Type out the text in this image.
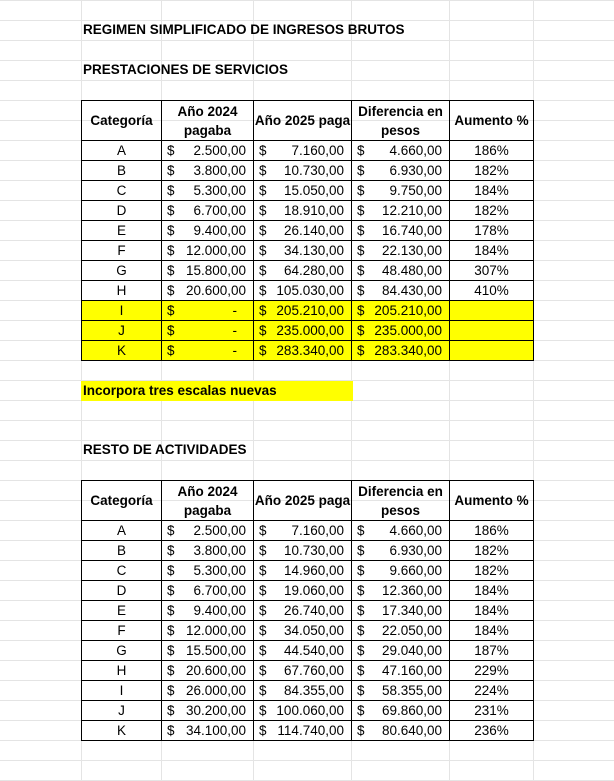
REGIMEN SIMPLIFICADO DE INGRESOS BRUTOS
PRESTACIONES DE SERVICIOS
Categoría	Año 2024 pagaba	Año 2025 paga	Diferencia en pesos	Aumento %
A	$ 2.500,00	$ 7.160,00	$ 4.660,00	186%
B	$ 3.800,00	$ 10.730,00	$ 6.930,00	182%
C	$ 5.300,00	$ 15.050,00	$ 9.750,00	184%
D	$ 6.700,00	$ 18.910,00	$ 12.210,00	182%
E	$ 9.400,00	$ 26.140,00	$ 16.740,00	178%
F	$ 12.000,00	$ 34.130,00	$ 22.130,00	184%
G	$ 15.800,00	$ 64.280,00	$ 48.480,00	307%
H	$ 20.600,00	$ 105.030,00	$ 84.430,00	410%
I	$ -	$ 205.210,00	$ 205.210,00	

J	$ -	$ 235.000,00	$ 235.000,00	

K	$ -	$ 283.340,00	$ 283.340,00	

Incorpora tres escalas nuevas
RESTO DE ACTIVIDADES
Categoría	Año 2024 pagaba	Año 2025 paga	Diferencia en pesos	Aumento %
A	$ 2.500,00	$ 7.160,00	$ 4.660,00	186%
B	$ 3.800,00	$ 10.730,00	$ 6.930,00	182%
C	$ 5.300,00	$ 14.960,00	$ 9.660,00	182%
D	$ 6.700,00	$ 19.060,00	$ 12.360,00	184%
E	$ 9.400,00	$ 26.740,00	$ 17.340,00	184%
F	$ 12.000,00	$ 34.050,00	$ 22.050,00	184%
G	$ 15.500,00	$ 44.540,00	$ 29.040,00	187%
H	$ 20.600,00	$ 67.760,00	$ 47.160,00	229%
I	$ 26.000,00	$ 84.355,00	$ 58.355,00	224%
J	$ 30.200,00	$ 100.060,00	$ 69.860,00	231%
K	$ 34.100,00	$ 114.740,00	$ 80.640,00	236%
